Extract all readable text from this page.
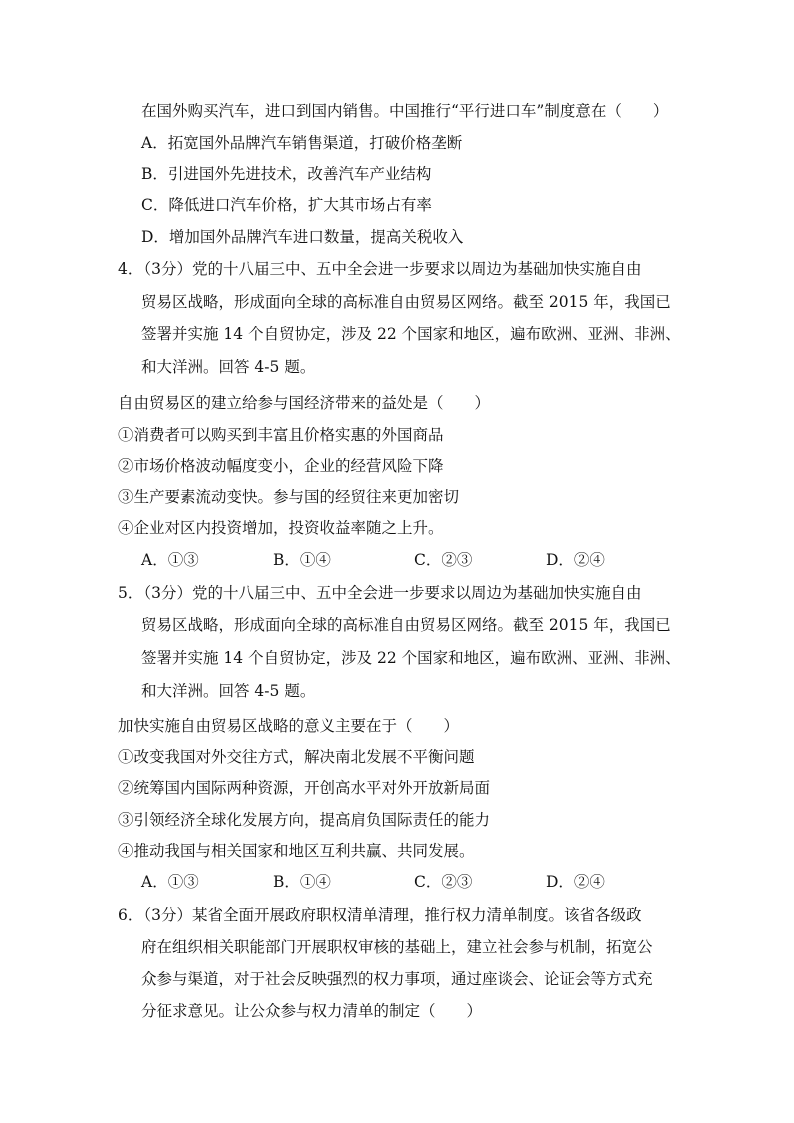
在国外购买汽车，进口到国内销售。中国推行“平行进口车”制度意在（　　）
A．拓宽国外品牌汽车销售渠道，打破价格垄断
B．引进国外先进技术，改善汽车产业结构
C．降低进口汽车价格，扩大其市场占有率
D．增加国外品牌汽车进口数量，提高关税收入
4．（3分）党的十八届三中、五中全会进一步要求以周边为基础加快实施自由
贸易区战略，形成面向全球的高标准自由贸易区网络。截至 2015 年，我国已
签署并实施 14 个自贸协定，涉及 22 个国家和地区，遍布欧洲、亚洲、非洲、
和大洋洲。回答 4-5 题。
自由贸易区的建立给参与国经济带来的益处是（　　）
①消费者可以购买到丰富且价格实惠的外国商品
②市场价格波动幅度变小，企业的经营风险下降
③生产要素流动变快。参与国的经贸往来更加密切
④企业对区内投资增加，投资收益率随之上升。
A．①③	B．①④	C．②③	D．②④
5．（3分）党的十八届三中、五中全会进一步要求以周边为基础加快实施自由
贸易区战略，形成面向全球的高标准自由贸易区网络。截至 2015 年，我国已
签署并实施 14 个自贸协定，涉及 22 个国家和地区，遍布欧洲、亚洲、非洲、
和大洋洲。回答 4-5 题。
加快实施自由贸易区战略的意义主要在于（　　）
①改变我国对外交往方式，解决南北发展不平衡问题
②统筹国内国际两种资源，开创高水平对外开放新局面
③引领经济全球化发展方向，提高肩负国际责任的能力
④推动我国与相关国家和地区互利共赢、共同发展。
A．①③	B．①④	C．②③	D．②④
6．（3分）某省全面开展政府职权清单清理，推行权力清单制度。该省各级政
府在组织相关职能部门开展职权审核的基础上，建立社会参与机制，拓宽公
众参与渠道，对于社会反映强烈的权力事项，通过座谈会、论证会等方式充
分征求意见。让公众参与权力清单的制定（　　）
